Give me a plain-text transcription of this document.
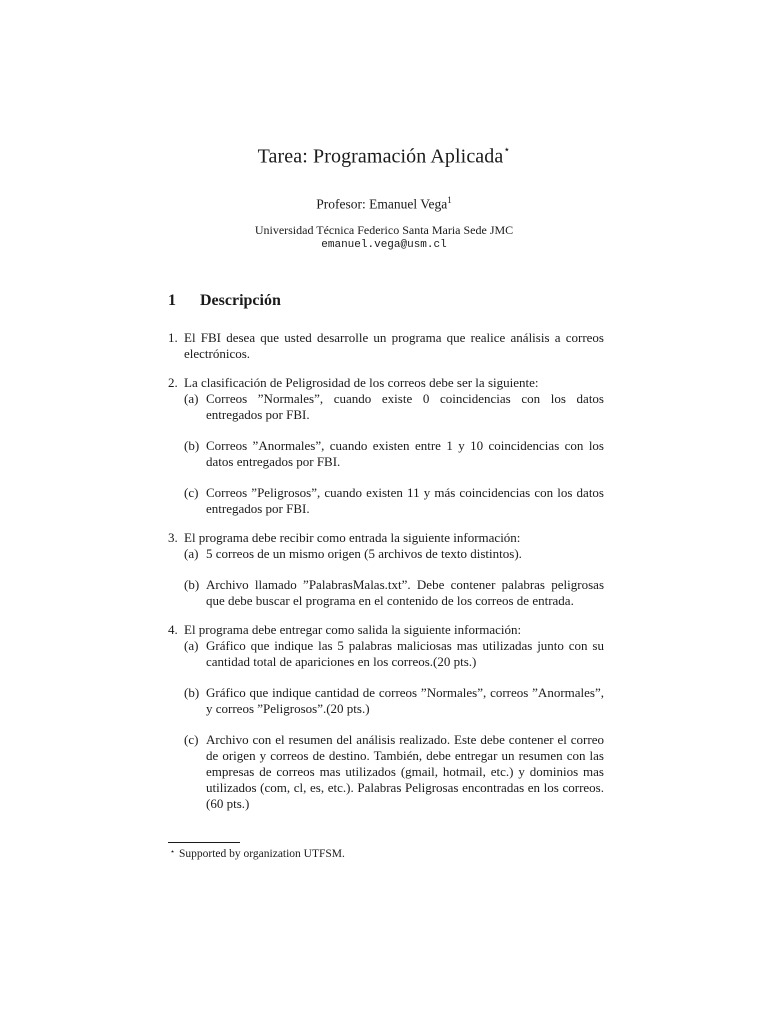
Tarea: Programación Aplicada⋆
Profesor: Emanuel Vega$^1$
Universidad Técnica Federico Santa Maria Sede JMC
emanuel.vega@usm.cl
1 Descripción
1. El FBI desea que usted desarrolle un programa que realice análisis a correos electrónicos.
2. La clasificación de Peligrosidad de los correos debe ser la siguiente:
(a) Correos ”Normales”, cuando existe 0 coincidencias con los datos entregados por FBI.
(b) Correos ”Anormales”, cuando existen entre 1 y 10 coincidencias con los datos entregados por FBI.
(c) Correos ”Peligrosos”, cuando existen 11 y más coincidencias con los datos entregados por FBI.
3. El programa debe recibir como entrada la siguiente información:
(a) 5 correos de un mismo origen (5 archivos de texto distintos).
(b) Archivo llamado ”PalabrasMalas.txt”. Debe contener palabras peligrosas que debe buscar el programa en el contenido de los correos de entrada.
4. El programa debe entregar como salida la siguiente información:
(a) Gráfico que indique las 5 palabras maliciosas mas utilizadas junto con su cantidad total de apariciones en los correos.(20 pts.)
(b) Gráfico que indique cantidad de correos ”Normales”, correos ”Anormales”, y correos ”Peligrosos”.(20 pts.)
(c) Archivo con el resumen del análisis realizado. Este debe contener el correo de origen y correos de destino. También, debe entregar un resumen con las empresas de correos mas utilizados (gmail, hotmail, etc.) y dominios mas utilizados (com, cl, es, etc.). Palabras Peligrosas encontradas en los correos. (60 pts.)
⋆ Supported by organization UTFSM.
